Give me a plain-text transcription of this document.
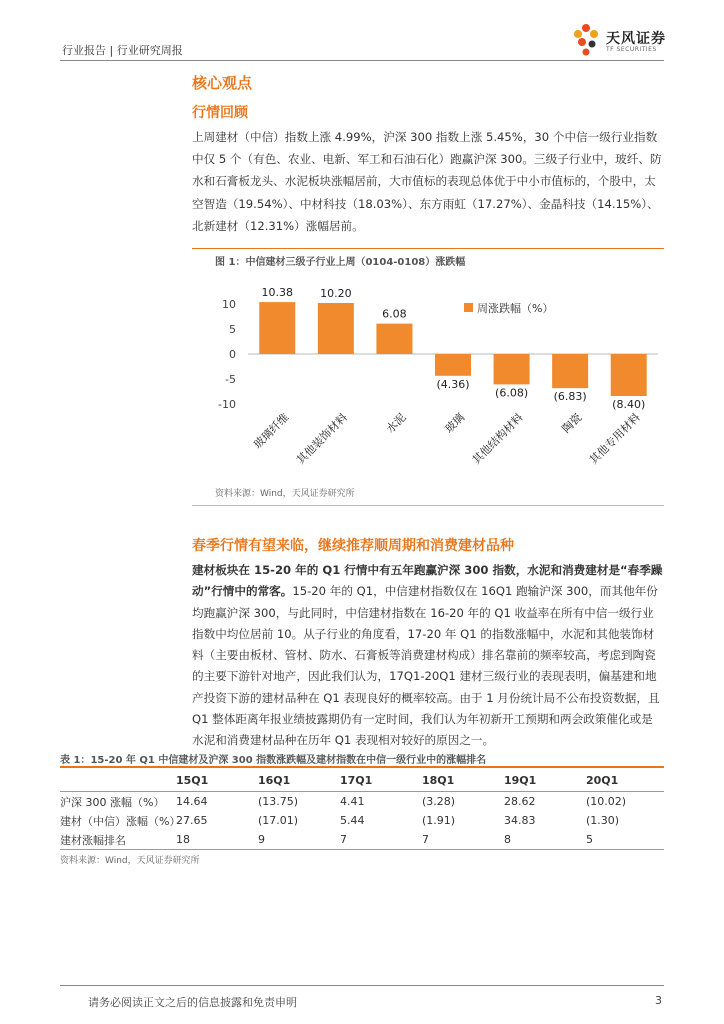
行业报告 | 行业研究周报
天风证券
TF SECURITIES
核心观点
行情回顾

上周建材（中信）指数上涨 4.99%，沪深 300 指数上涨 5.45%，30 个中信一级行业指数中仅 5 个（有色、农业、电新、军工和石油石化）跑赢沪深 300。三级子行业中，玻纤、防水和石膏板龙头、水泥板块涨幅居前，大市值标的表现总体优于中小市值标的，个股中，太空智造（19.54%）、中材科技（18.03%）、东方雨虹（17.27%）、金晶科技（14.15%）、北新建材（12.31%）涨幅居前。

图 1：中信建材三级子行业上周（0104-0108）涨跌幅
10
5
0
-5
-10
10.38
玻璃纤维
10.20
其他装饰材料
6.08
水泥
(4.36)
玻璃
(6.08)
其他结构材料
(6.83)
陶瓷
(8.40)
其他专用材料
周涨跌幅（%）
资料来源：Wind，天风证券研究所
春季行情有望来临，继续推荐顺周期和消费建材品种

建材板块在 15-20 年的 Q1 行情中有五年跑赢沪深 300 指数，水泥和消费建材是“春季躁动”行情中的常客。15-20 年的 Q1，中信建材指数仅在 16Q1 跑输沪深 300，而其他年份均跑赢沪深 300，与此同时，中信建材指数在 16-20 年的 Q1 收益率在所有中信一级行业指数中均位居前 10。从子行业的角度看，17-20 年 Q1 的指数涨幅中，水泥和其他装饰材料（主要由板材、管材、防水、石膏板等消费建材构成）排名靠前的频率较高，考虑到陶瓷的主要下游针对地产，因此我们认为，17Q1-20Q1 建材三级行业的表现表明，偏基建和地产投资下游的建材品种在 Q1 表现良好的概率较高。由于 1 月份统计局不公布投资数据，且 Q1 整体距离年报业绩披露期仍有一定时间，我们认为年初新开工预期和两会政策催化或是水泥和消费建材品种在历年 Q1 表现相对较好的原因之一。

表 1：15-20 年 Q1 中信建材及沪深 300 指数涨跌幅及建材指数在中信一级行业中的涨幅排名
	15Q1	16Q1	17Q1	18Q1	19Q1	20Q1
沪深 300 涨幅（%）	14.64	(13.75)	4.41	(3.28)	28.62	(10.02)
建材（中信）涨幅（%）	27.65	(17.01)	5.44	(1.91)	34.83	(1.30)
建材涨幅排名	18	9	7	7	8	5
资料来源：Wind，天风证券研究所
请务必阅读正文之后的信息披露和免责申明	3
